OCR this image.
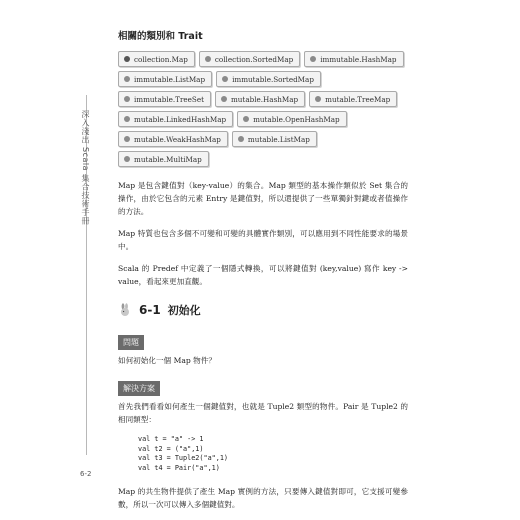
深入淺出 Scala 集合技術手冊
6-2
相關的類別和 Trait
collection.Map	collection.SortedMap	immutable.HashMap
immutable.ListMap	immutable.SortedMap
immutable.TreeSet	mutable.HashMap	mutable.TreeMap
mutable.LinkedHashMap	mutable.OpenHashMap
mutable.WeakHashMap	mutable.ListMap
mutable.MultiMap

Map 是包含鍵值對（key-value）的集合。Map 類型的基本操作類似於 Set 集合的操作，由於它包含的元素 Entry 是鍵值對，所以還提供了一些單獨針對鍵或者值操作的方法。

Map 特質也包含多個不可變和可變的具體實作類別，可以應用到不同性能要求的場景中。

Scala 的 Predef 中定義了一個隱式轉換，可以將鍵值對 (key,value) 寫作 key -> value，看起來更加直觀。

6-1 初始化
問題

如何初始化一個 Map 物件？

解決方案

首先我們看看如何產生一個鍵值對，也就是 Tuple2 類型的物件。Pair 是 Tuple2 的相同類型：

val t = "a" -> 1
val t2 = ("a",1)
val t3 = Tuple2("a",1)
val t4 = Pair("a",1)

Map 的共生物件提供了產生 Map 實例的方法，只要傳入鍵值對即可，它支援可變參數，所以一次可以傳入多個鍵值對。
